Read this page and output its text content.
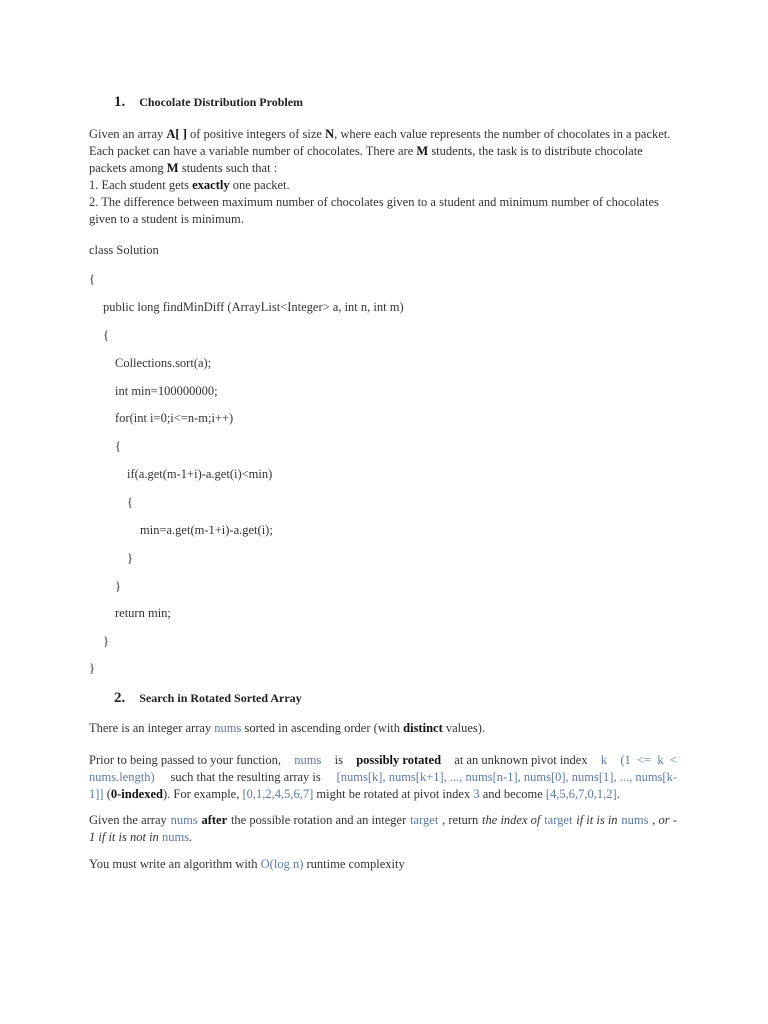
1. Chocolate Distribution Problem
Given an array A[ ] of positive integers of size N, where each value represents the number of chocolates in a packet.
Each packet can have a variable number of chocolates. There are M students, the task is to distribute chocolate
packets among M students such that :
1. Each student gets exactly one packet.
2. The difference between maximum number of chocolates given to a student and minimum number of chocolates
given to a student is minimum.
class Solution
{
public long findMinDiff (ArrayList<Integer> a, int n, int m)
{
Collections.sort(a);
int min=100000000;
for(int i=0;i<=n-m;i++)
{
if(a.get(m-1+i)-a.get(i)<min)
{
min=a.get(m-1+i)-a.get(i);
}
}
return min;
}
}
2. Search in Rotated Sorted Array
There is an integer array nums sorted in ascending order (with distinct values).
Prior to being passed to your function, nums is possibly rotated at an unknown pivot index k (1  <=  k  <
nums.length) such that the resulting array is [nums[k], nums[k+1], ..., nums[n-1], nums[0], nums[1], ..., nums[k-
1]] (0-indexed). For example, [0,1,2,4,5,6,7] might be rotated at pivot index 3 and become [4,5,6,7,0,1,2].
Given the array nums after the possible rotation and an integer target , return the index of target if it is in nums , or -
1 if it is not in nums.
You must write an algorithm with O(log n) runtime complexity
